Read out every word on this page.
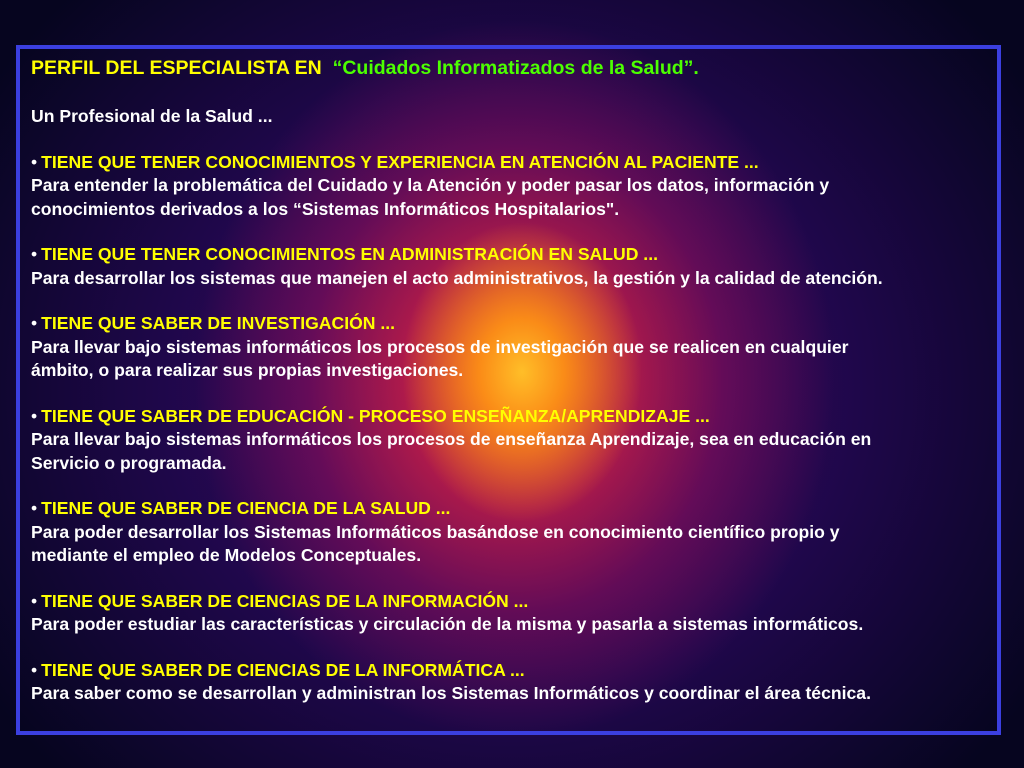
PERFIL DEL ESPECIALISTA EN “Cuidados Informatizados de la Salud”.
Un Profesional de la Salud ...
• TIENE QUE TENER CONOCIMIENTOS Y EXPERIENCIA EN ATENCIÓN AL PACIENTE ...
Para entender la problemática del Cuidado y la Atención y poder pasar los datos, información y
conocimientos derivados a los “Sistemas Informáticos Hospitalarios".
• TIENE QUE TENER CONOCIMIENTOS EN ADMINISTRACIÓN EN SALUD ...
Para desarrollar los sistemas que manejen el acto administrativos, la gestión y la calidad de atención.
• TIENE QUE SABER DE INVESTIGACIÓN ...
Para llevar bajo sistemas informáticos los procesos de investigación que se realicen en cualquier
ámbito, o para realizar sus propias investigaciones.
• TIENE QUE SABER DE EDUCACIÓN - PROCESO ENSEÑANZA/APRENDIZAJE ...
Para llevar bajo sistemas informáticos los procesos de enseñanza Aprendizaje, sea en educación en
Servicio o programada.
• TIENE QUE SABER DE CIENCIA DE LA SALUD ...
Para poder desarrollar los Sistemas Informáticos basándose en conocimiento científico propio y
mediante el empleo de Modelos Conceptuales.
• TIENE QUE SABER DE CIENCIAS DE LA INFORMACIÓN ...
Para poder estudiar las características y circulación de la misma y pasarla a sistemas informáticos.
• TIENE QUE SABER DE CIENCIAS DE LA INFORMÁTICA ...
Para saber como se desarrollan y administran los Sistemas Informáticos y coordinar el área técnica.
